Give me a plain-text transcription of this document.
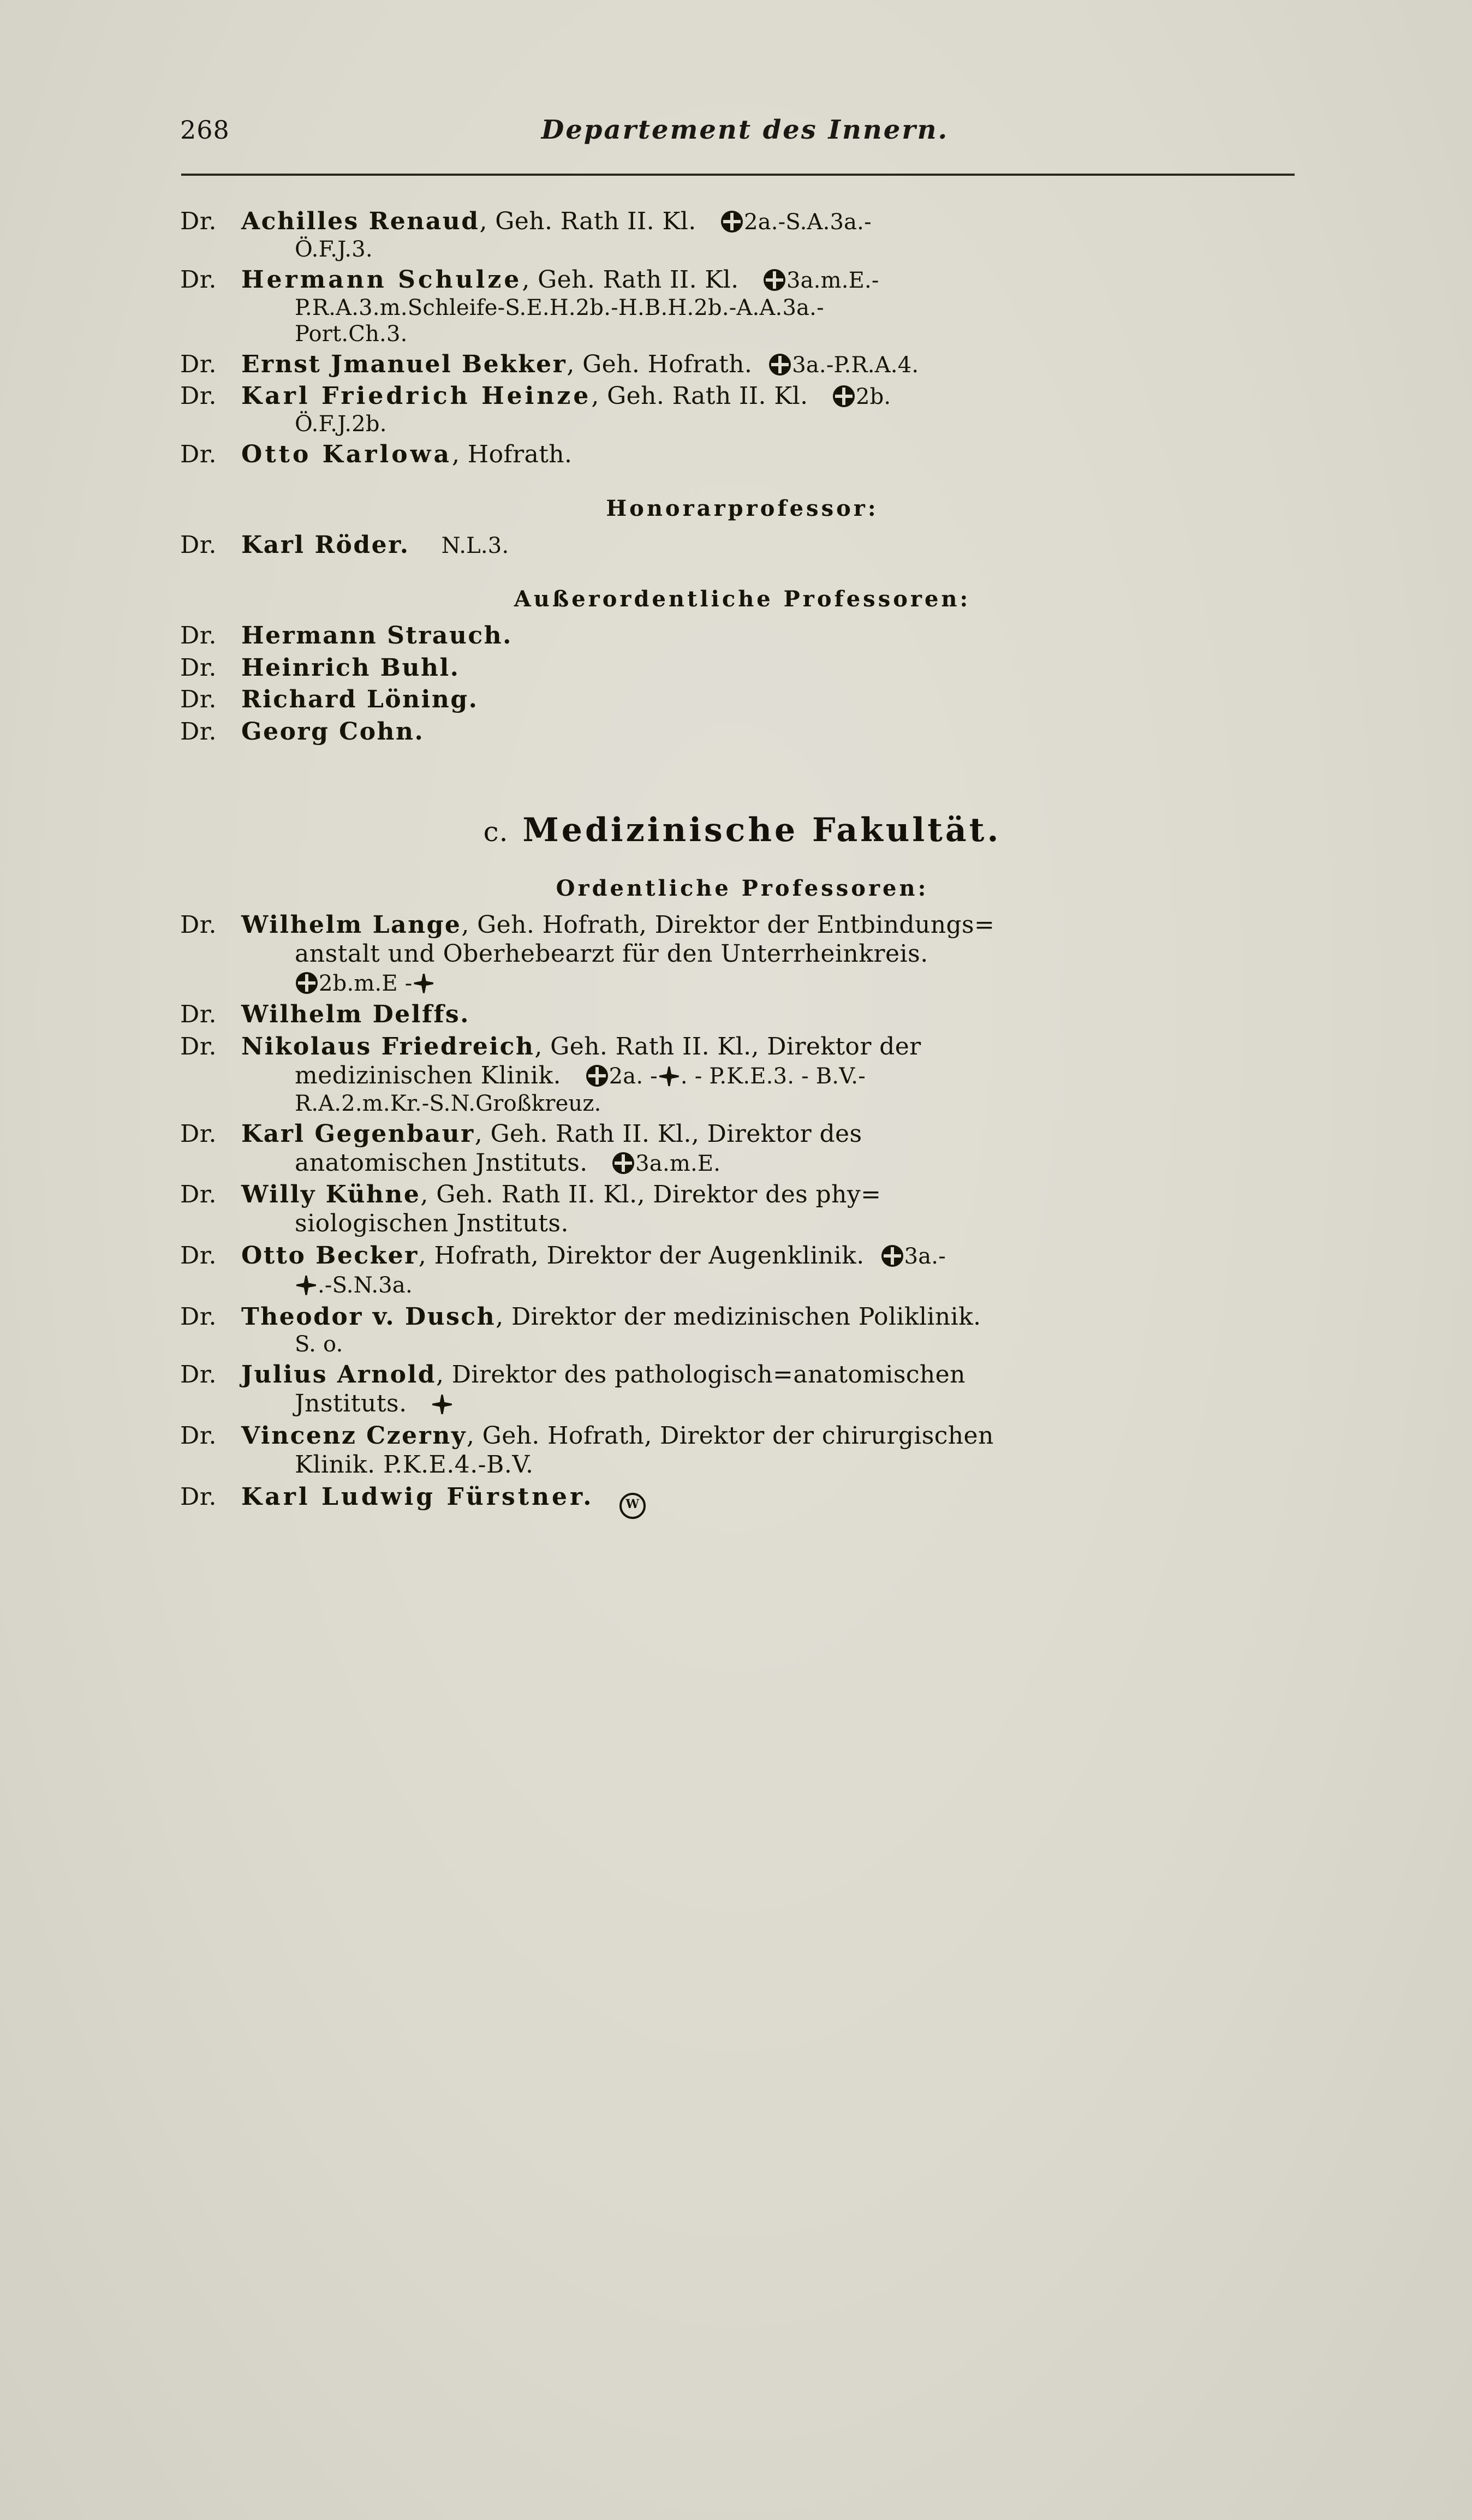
268	Departement des Innern.
Dr. Achilles Renaud, Geh. Rath II. Kl. 2a.-S.A.3a.-
Ö.F.J.3.
Dr. Hermann Schulze, Geh. Rath II. Kl. 3a.m.E.-
P.R.A.3.m.Schleife-S.E.H.2b.-H.B.H.2b.-A.A.3a.-
Port.Ch.3.
Dr. Ernst Jmanuel Bekker, Geh. Hofrath. 3a.-P.R.A.4.
Dr. Karl Friedrich Heinze, Geh. Rath II. Kl. 2b.
Ö.F.J.2b.
Dr. Otto Karlowa, Hofrath.
Honorarprofessor:
Dr. Karl Röder. N.L.3.
Außerordentliche Professoren:
Dr. Hermann Strauch.
Dr. Heinrich Buhl.
Dr. Richard Löning.
Dr. Georg Cohn.
c. Medizinische Fakultät.
Ordentliche Professoren:
Dr. Wilhelm Lange, Geh. Hofrath, Direktor der Entbindungs=
anstalt und Oberhebearzt für den Unterrheinkreis.
2b.m.E -
Dr. Wilhelm Delffs.
Dr. Nikolaus Friedreich, Geh. Rath II. Kl., Direktor der
medizinischen Klinik. 2a. - . - P.K.E.3. - B.V.-
R.A.2.m.Kr.-S.N.Großkreuz.
Dr. Karl Gegenbaur, Geh. Rath II. Kl., Direktor des
anatomischen Jnstituts. 3a.m.E.
Dr. Willy Kühne, Geh. Rath II. Kl., Direktor des phy=
siologischen Jnstituts.
Dr. Otto Becker, Hofrath, Direktor der Augenklinik. 3a.-
.-S.N.3a.
Dr. Theodor v. Dusch, Direktor der medizinischen Poliklinik.
S. o.
Dr. Julius Arnold, Direktor des pathologisch=anatomischen
Jnstituts.
Dr. Vincenz Czerny, Geh. Hofrath, Direktor der chirurgischen
Klinik. P.K.E.4.-B.V.
Dr. Karl Ludwig Fürstner.	W
